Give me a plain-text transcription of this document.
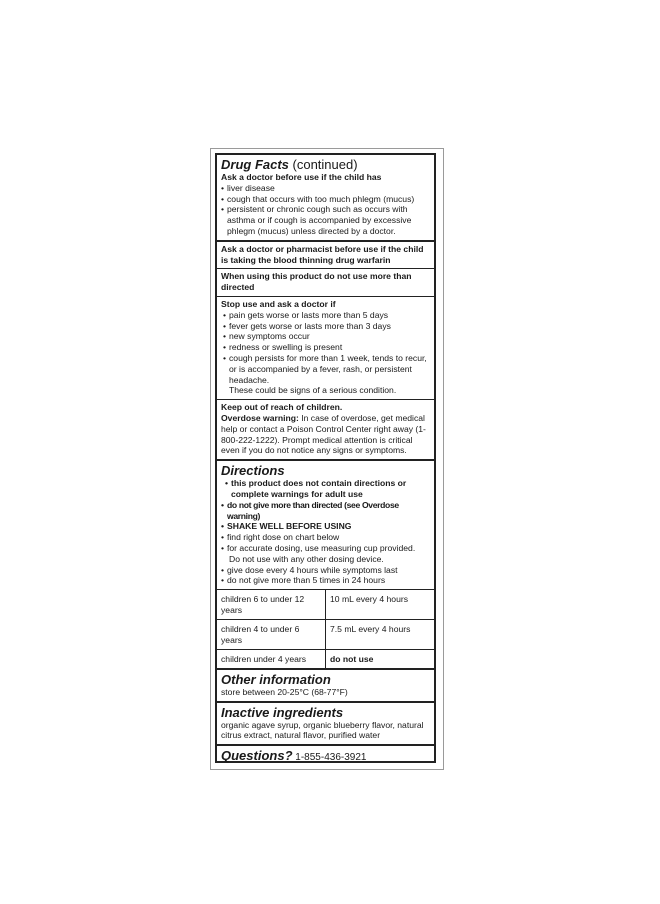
Drug Facts (continued)
Ask a doctor before use if the child has
• liver disease
• cough that occurs with too much phlegm (mucus)
• persistent or chronic cough such as occurs with asthma or if cough is accompanied by excessive phlegm (mucus) unless directed by a doctor.
Ask a doctor or pharmacist before use if the child is taking the blood thinning drug warfarin
When using this product do not use more than directed
Stop use and ask a doctor if
• pain gets worse or lasts more than 5 days
• fever gets worse or lasts more than 3 days
• new symptoms occur
• redness or swelling is present
• cough persists for more than 1 week, tends to recur, or is accompanied by a fever, rash, or persistent headache.
These could be signs of a serious condition.
Keep out of reach of children.
Overdose warning: In case of overdose, get medical help or contact a Poison Control Center right away (1-800-222-1222). Prompt medical attention is critical even if you do not notice any signs or symptoms.
Directions
• this product does not contain directions or complete warnings for adult use
• do not give more than directed (see Overdose warning)
• SHAKE WELL BEFORE USING
• find right dose on chart below
• for accurate dosing, use measuring cup provided.
Do not use with any other dosing device.
• give dose every 4 hours while symptoms last
• do not give more than 5 times in 24 hours
children 6 to under 12 years	10 mL every 4 hours
children 4 to under 6 years	7.5 mL every 4 hours
children under 4 years	do not use
Other information
store between 20-25°C (68-77°F)
Inactive ingredients
organic agave syrup, organic blueberry flavor, natural citrus extract, natural flavor, purified water
Questions? 1-855-436-3921
